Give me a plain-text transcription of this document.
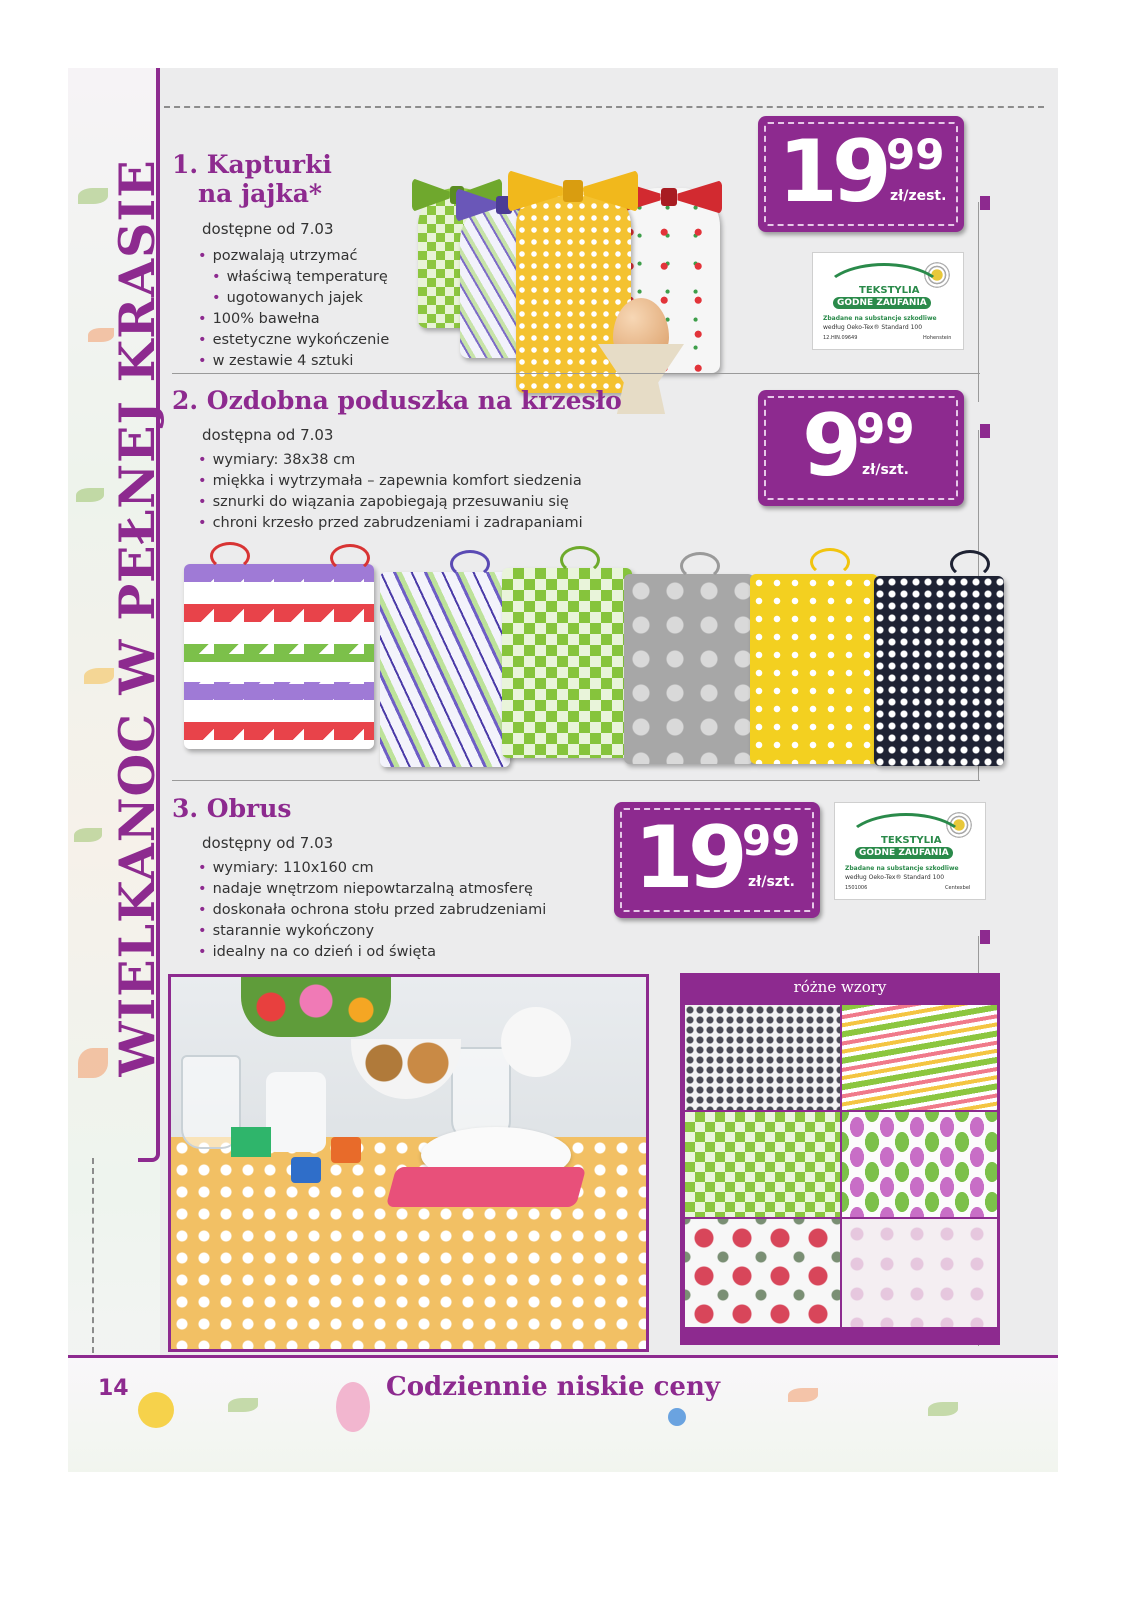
WIELKANOC W PEŁNEJ KRASIE 1. Kapturki
na jajka*
dostępne od 7.03
• pozwalają utrzymać
• właściwą temperaturę
• ugotowanych jajek
• 100% bawełna
• estetyczne wykończenie
• w zestawie 4 sztuki
19 99
zł/zest.
TEKSTYLIA
GODNE ZAUFANIA
Zbadane na substancje szkodliwe
według Oeko-Tex® Standard 100
12.HIN.09649	Hohenstein
2. Ozdobna poduszka na krzesło
dostępna od 7.03
• wymiary: 38x38 cm
• miękka i wytrzymała – zapewnia komfort siedzenia
• sznurki do wiązania zapobiegają przesuwaniu się
• chroni krzesło przed zabrudzeniami i zadrapaniami
9 99
zł/szt.
3. Obrus
dostępny od 7.03
• wymiary: 110x160 cm
• nadaje wnętrzom niepowtarzalną atmosferę
• doskonała ochrona stołu przed zabrudzeniami
• starannie wykończony
• idealny na co dzień i od święta
19 99
zł/szt.
TEKSTYLIA
GODNE ZAUFANIA
Zbadane na substancje szkodliwe
według Oeko-Tex® Standard 100
1501006	Centexbel
różne wzory
14	Codziennie niskie ceny
